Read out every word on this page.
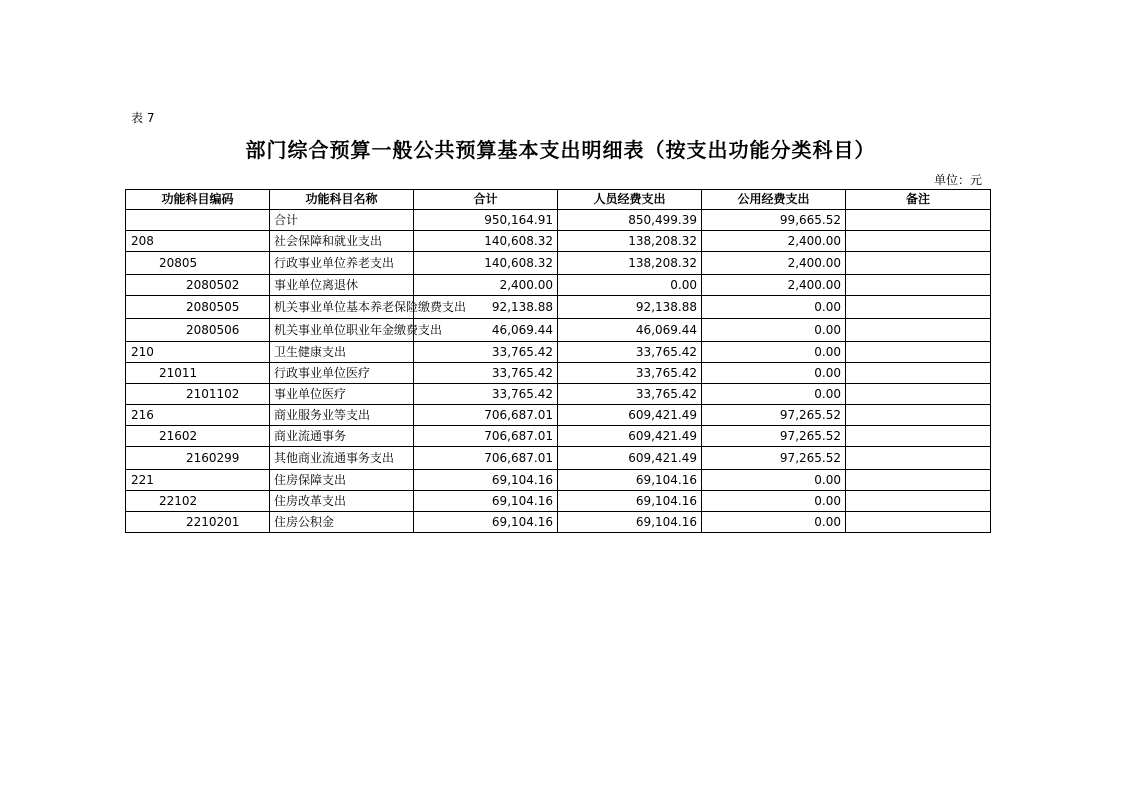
表 7
部门综合预算一般公共预算基本支出明细表（按支出功能分类科目）
单位：元
功能科目编码	功能科目名称	合计	人员经费支出	公用经费支出	备注
	合计	950,164.91	850,499.39	99,665.52	
208	社会保障和就业支出	140,608.32	138,208.32	2,400.00	
20805	行政事业单位养老支出	140,608.32	138,208.32	2,400.00	
2080502	事业单位离退休	2,400.00	0.00	2,400.00	
2080505	机关事业单位基本养老保险缴费支出	92,138.88	92,138.88	0.00	
2080506	机关事业单位职业年金缴费支出	46,069.44	46,069.44	0.00	
210	卫生健康支出	33,765.42	33,765.42	0.00	
21011	行政事业单位医疗	33,765.42	33,765.42	0.00	
2101102	事业单位医疗	33,765.42	33,765.42	0.00	
216	商业服务业等支出	706,687.01	609,421.49	97,265.52	
21602	商业流通事务	706,687.01	609,421.49	97,265.52	
2160299	其他商业流通事务支出	706,687.01	609,421.49	97,265.52	
221	住房保障支出	69,104.16	69,104.16	0.00	
22102	住房改革支出	69,104.16	69,104.16	0.00	
2210201	住房公积金	69,104.16	69,104.16	0.00	
